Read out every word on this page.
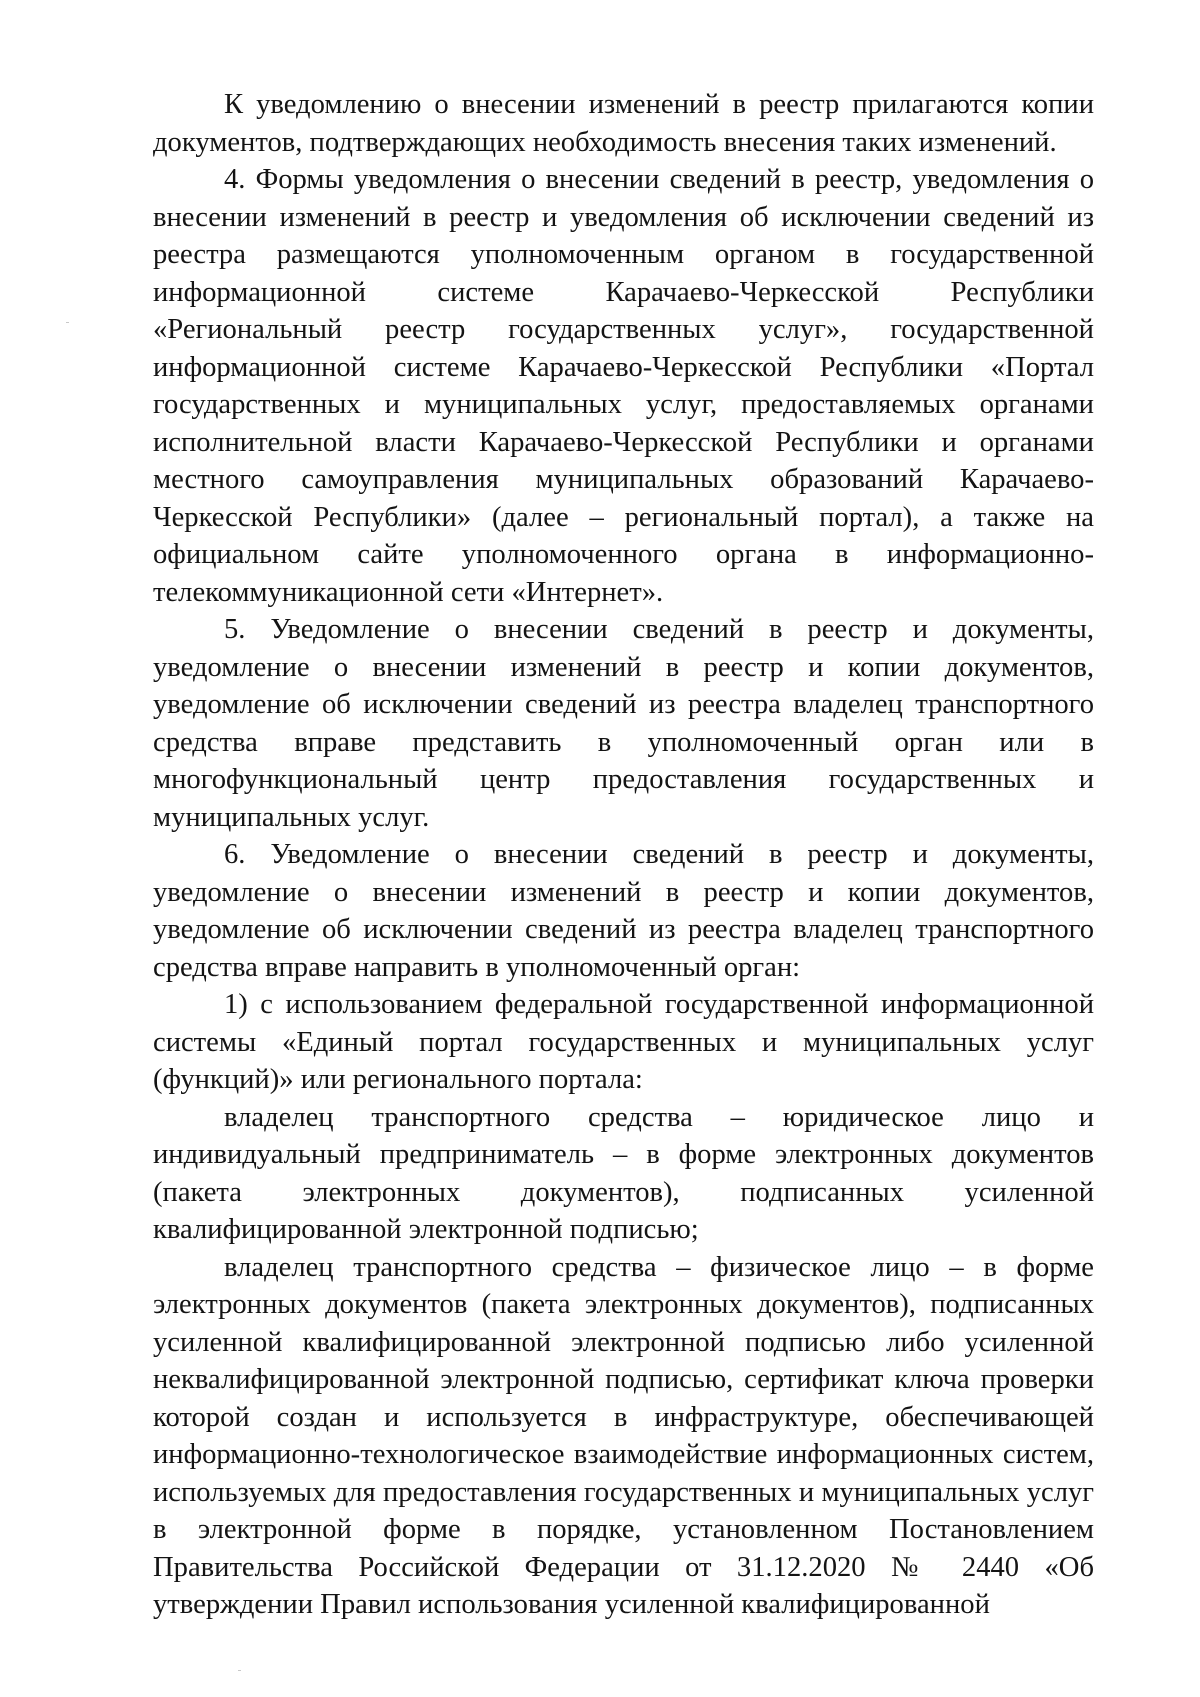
К уведомлению о внесении изменений в реестр прилагаются копии документов, подтверждающих необходимость внесения таких изменений.

4. Формы уведомления о внесении сведений в реестр, уведомления о внесении изменений в реестр и уведомления об исключении сведений из реестра размещаются уполномоченным органом в государственной информационной системе Карачаево-Черкесской Республики «Региональный реестр государственных услуг», государственной информационной системе Карачаево-Черкесской Республики «Портал государственных и муниципальных услуг, предоставляемых органами исполнительной власти Карачаево-Черкесской Республики и органами местного самоуправления муниципальных образований Карачаево-Черкесской Республики» (далее – региональный портал), а также на официальном сайте уполномоченного органа в информационно-телекоммуникационной сети «Интернет».

5. Уведомление о внесении сведений в реестр и документы, уведомление о внесении изменений в реестр и копии документов, уведомление об исключении сведений из реестра владелец транспортного средства вправе представить в уполномоченный орган или в многофункциональный центр предоставления государственных и муниципальных услуг.

6. Уведомление о внесении сведений в реестр и документы, уведомление о внесении изменений в реестр и копии документов, уведомление об исключении сведений из реестра владелец транспортного средства вправе направить в уполномоченный орган:

1) с использованием федеральной государственной информационной системы «Единый портал государственных и муниципальных услуг (функций)» или регионального портала:

владелец транспортного средства – юридическое лицо и индивидуальный предприниматель – в форме электронных документов (пакета электронных документов), подписанных усиленной квалифицированной электронной подписью;

владелец транспортного средства – физическое лицо – в форме электронных документов (пакета электронных документов), подписанных усиленной квалифицированной электронной подписью либо усиленной неквалифицированной электронной подписью, сертификат ключа проверки которой создан и используется в инфраструктуре, обеспечивающей информационно-технологическое взаимодействие информационных систем, используемых для предоставления государственных и муниципальных услуг в электронной форме в порядке, установленном Постановлением Правительства Российской Федерации от 31.12.2020 № 2440 «Об утверждении Правил использования усиленной квалифицированной
